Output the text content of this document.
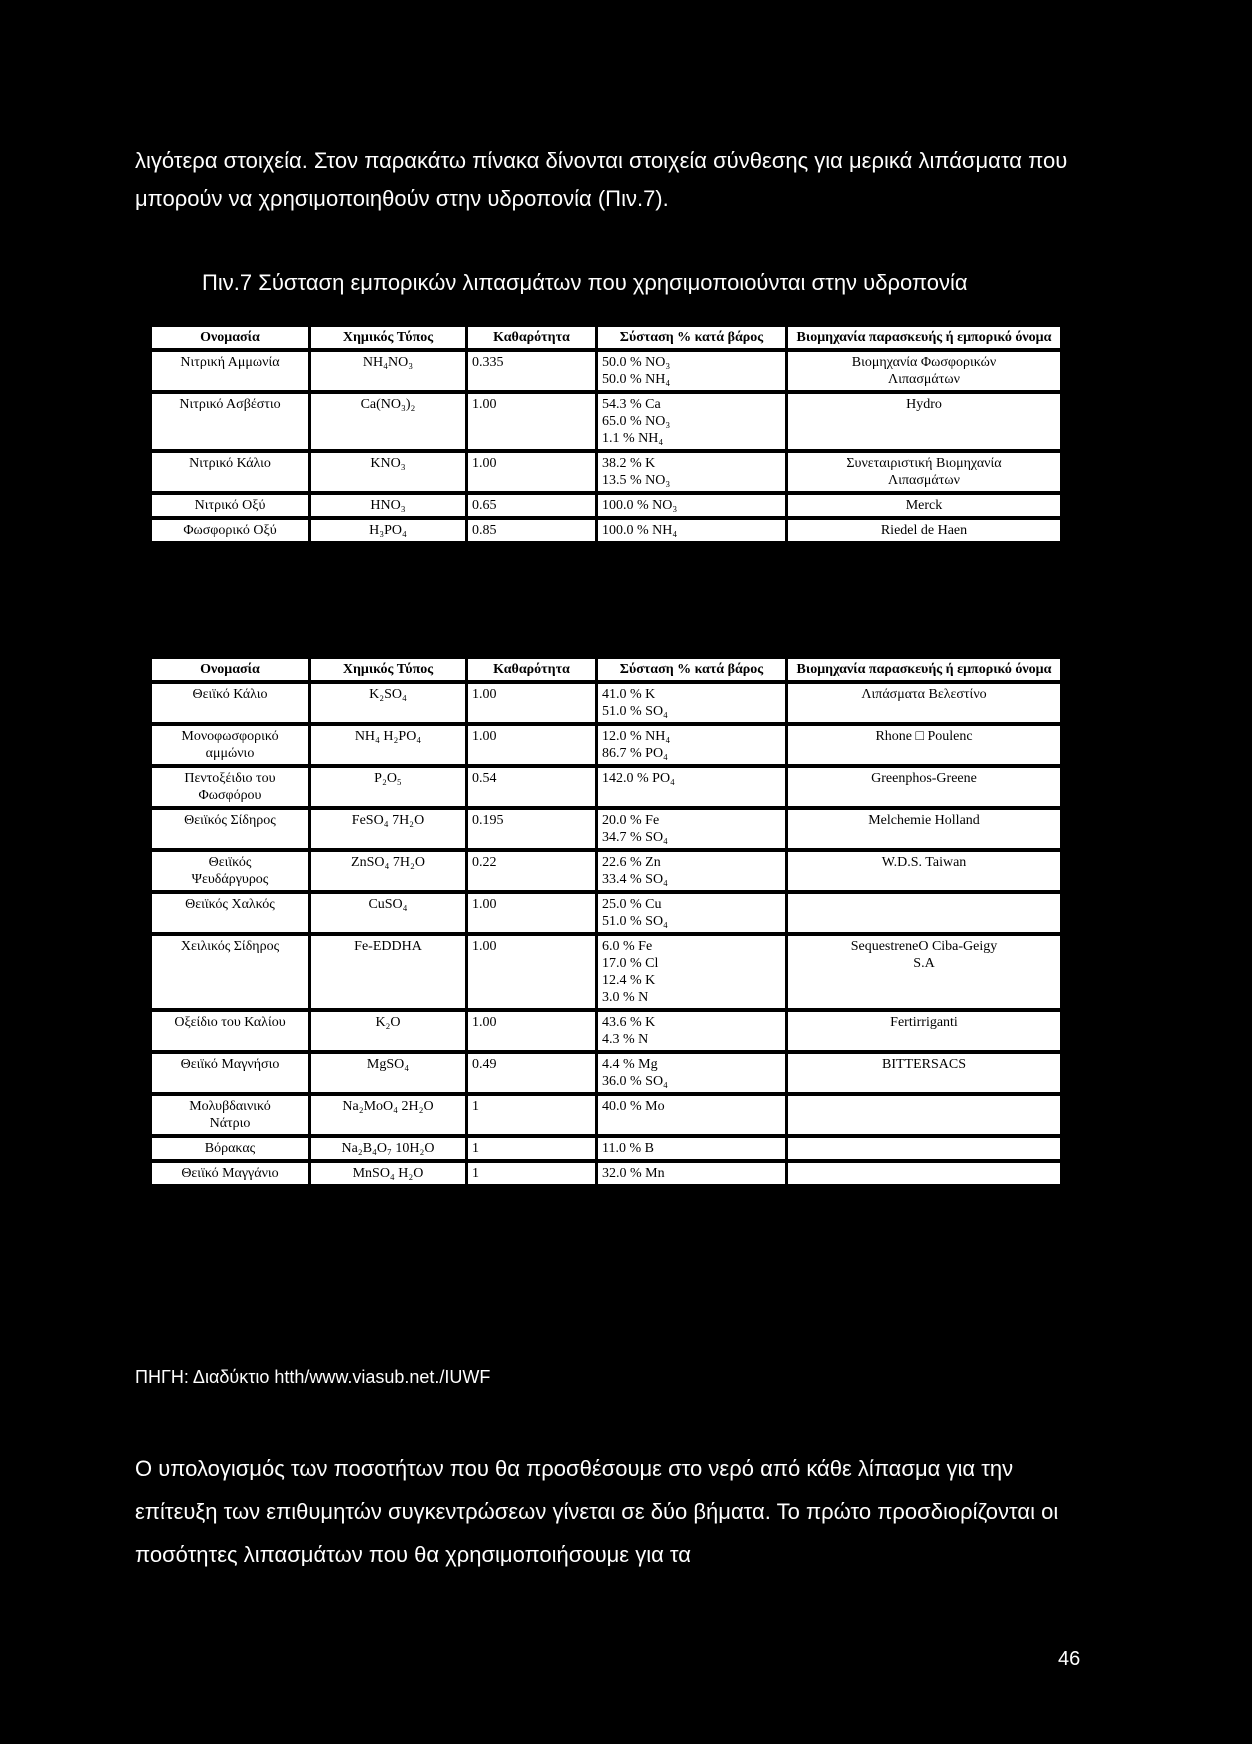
λιγότερα στοιχεία. Στον παρακάτω πίνακα δίνονται στοιχεία σύνθεσης για μερικά λιπάσματα που μπορούν να χρησιμοποιηθούν στην υδροπονία (Πιν.7).

Πιν.7 Σύσταση εμπορικών λιπασμάτων που χρησιμοποιούνται στην υδροπονία

Ονομασία	Χημικός Τύπος	Καθαρότητα	Σύσταση % κατά βάρος	Βιομηχανία παρασκευής ή εμπορικό όνομα

Νιτρική Αμμωνία	NH₄NO₃	0.335	50.0 % NO₃
50.0 % NH₄	Βιομηχανία Φωσφορικών
Λιπασμάτων

Νιτρικό Ασβέστιο	Ca(NO₃)₂	1.00	54.3 % Ca
65.0 % NO₃
1.1 % NH₄	Hydro

Νιτρικό Κάλιο	KNO₃	1.00	38.2 % K
13.5 % NO₃	Συνεταιριστική Βιομηχανία
Λιπασμάτων

Νιτρικό Οξύ	HNO₃	0.65	100.0 % NO₃	Merck

Φωσφορικό Οξύ	H₃PO₄	0.85	100.0 % NH₄	Riedel de Haen
Ονομασία	Χημικός Τύπος	Καθαρότητα	Σύσταση % κατά βάρος	Βιομηχανία παρασκευής ή εμπορικό όνομα

Θειϊκό Κάλιο	K₂SO₄	1.00	41.0 % K
51.0 % SO₄	Λιπάσματα Βελεστίνο

Μονοφωσφορικό
αμμώνιο	NH₄ H₂PO₄	1.00	12.0 % NH₄
86.7 % PO₄	Rhone □ Poulenc

Πεντοξέιδιο του
Φωσφόρου	P₂O₅	0.54	142.0 % PO₄	Greenphos-Greene

Θειϊκός Σίδηρος	FeSO₄ 7H₂O	0.195	20.0 % Fe
34.7 % SO₄	Melchemie Holland

Θειϊκός
Ψευδάργυρος	ZnSO₄ 7H₂O	0.22	22.6 % Zn
33.4 % SO₄	W.D.S. Taiwan

Θειϊκός Χαλκός	CuSO₄	1.00	25.0 % Cu
51.0 % SO₄	

Χειλικός Σίδηρος	Fe-EDDHA	1.00	6.0 % Fe
17.0 % Cl
12.4 % K
3.0 % N	SequestreneO Ciba-Geigy
S.A

Οξείδιο του Καλίου	K₂O	1.00	43.6 % K
4.3 % N	Fertirriganti

Θειϊκό Μαγνήσιο	MgSO₄	0.49	4.4 % Mg
36.0 % SO₄	BITTERSACS

Μολυβδαινικό
Νάτριο	Na₂MoO₄ 2H₂O	1	40.0 % Mo	

Βόρακας	Na₂B₄O₇ 10H₂O	1	11.0 % B	

Θειϊκό Μαγγάνιο	MnSO₄ H₂O	1	32.0 % Mn	

ΠΗΓΗ: Διαδύκτιο htth/www.viasub.net./IUWF

Ο υπολογισμός των ποσοτήτων που θα προσθέσουμε στο νερό από κάθε λίπασμα για την επίτευξη των επιθυμητών συγκεντρώσεων γίνεται σε δύο βήματα. Το πρώτο προσδιορίζονται οι ποσότητες λιπασμάτων που θα χρησιμοποιήσουμε για τα

46
